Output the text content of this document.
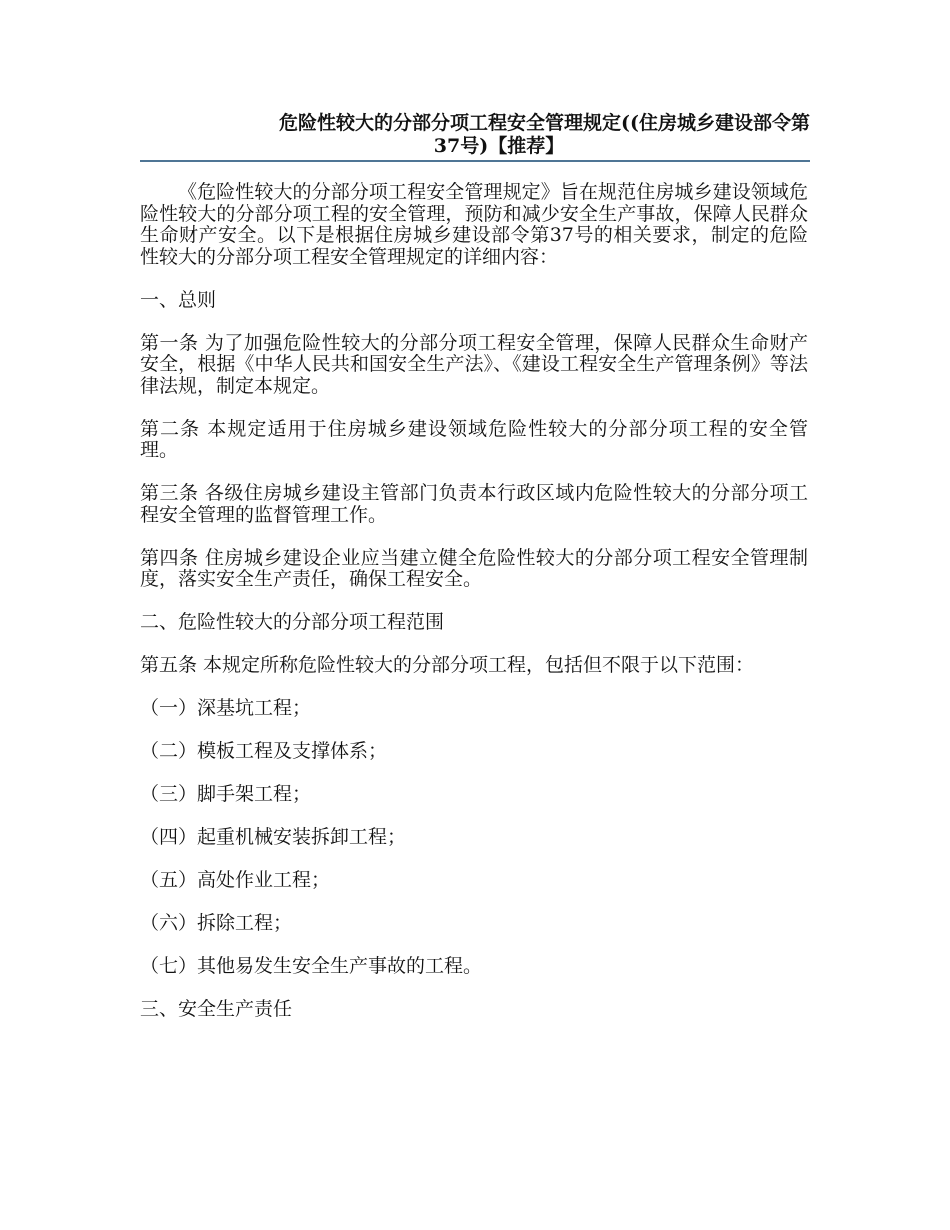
危险性较大的分部分项工程安全管理规定((住房城乡建设部令第
37号)【推荐】

《危险性较大的分部分项工程安全管理规定》旨在规范住房城乡建设领域危险性较大的分部分项工程的安全管理，预防和减少安全生产事故，保障人民群众生命财产安全。以下是根据住房城乡建设部令第37号的相关要求，制定的危险性较大的分部分项工程安全管理规定的详细内容：

一、总则

第一条 为了加强危险性较大的分部分项工程安全管理，保障人民群众生命财产安全，根据《中华人民共和国安全生产法》、《建设工程安全生产管理条例》等法律法规，制定本规定。

第二条 本规定适用于住房城乡建设领域危险性较大的分部分项工程的安全管理。

第三条 各级住房城乡建设主管部门负责本行政区域内危险性较大的分部分项工程安全管理的监督管理工作。

第四条 住房城乡建设企业应当建立健全危险性较大的分部分项工程安全管理制度，落实安全生产责任，确保工程安全。

二、危险性较大的分部分项工程范围

第五条 本规定所称危险性较大的分部分项工程，包括但不限于以下范围：

（一）深基坑工程；

（二）模板工程及支撑体系；

（三）脚手架工程；

（四）起重机械安装拆卸工程；

（五）高处作业工程；

（六）拆除工程；

（七）其他易发生安全生产事故的工程。

三、安全生产责任
